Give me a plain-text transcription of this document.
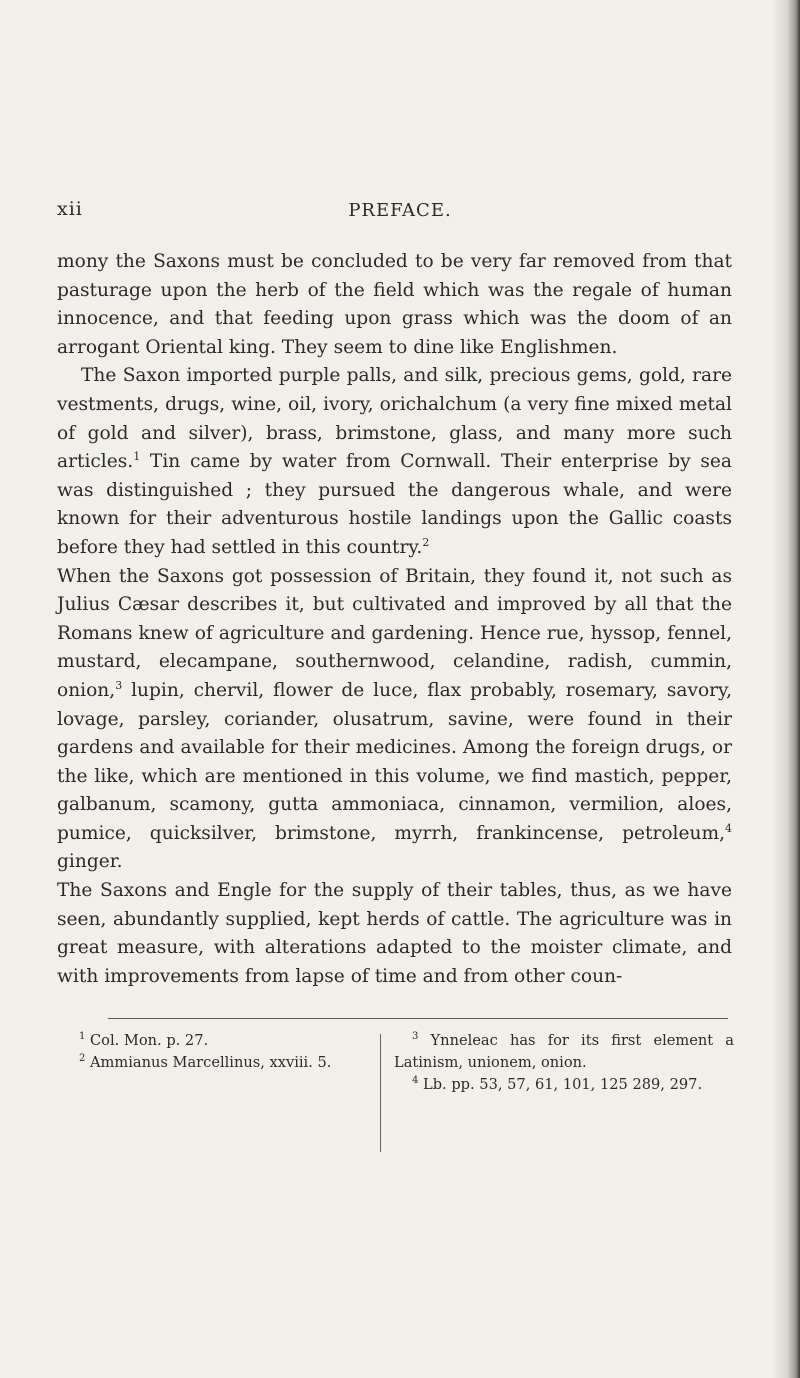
xii	PREFACE.

mony the Saxons must be concluded to be very far removed from that pasturage upon the herb of the field which was the regale of human innocence, and that feeding upon grass which was the doom of an arrogant Oriental king. They seem to dine like Englishmen.

The Saxon imported purple palls, and silk, precious gems, gold, rare vestments, drugs, wine, oil, ivory, orichalchum (a very fine mixed metal of gold and silver), brass, brimstone, glass, and many more such articles.$^1$ Tin came by water from Cornwall. Their enterprise by sea was distinguished ; they pursued the dangerous whale, and were known for their adventurous hostile landings upon the Gallic coasts before they had settled in this country.$^2$

When the Saxons got possession of Britain, they found it, not such as Julius Cæsar describes it, but cultivated and improved by all that the Romans knew of agriculture and gardening. Hence rue, hyssop, fennel, mustard, elecampane, southernwood, celandine, radish, cummin, onion,$^3$ lupin, chervil, flower de luce, flax probably, rosemary, savory, lovage, parsley, coriander, olusatrum, savine, were found in their gardens and available for their medicines. Among the foreign drugs, or the like, which are mentioned in this volume, we find mastich, pepper, galbanum, scamony, gutta ammoniaca, cinnamon, vermilion, aloes, pumice, quicksilver, brimstone, myrrh, frankincense, petroleum,$^4$ ginger.

The Saxons and Engle for the supply of their tables, thus, as we have seen, abundantly supplied, kept herds of cattle. The agriculture was in great measure, with alterations adapted to the moister climate, and with improvements from lapse of time and from other coun-

$^1$ Col. Mon. p. 27.

$^2$ Ammianus Marcellinus, xxviii. 5.

$^3$ Ynneleac has for its first element a Latinism, unionem, onion.

$^4$ Lb. pp. 53, 57, 61, 101, 125 289, 297.
